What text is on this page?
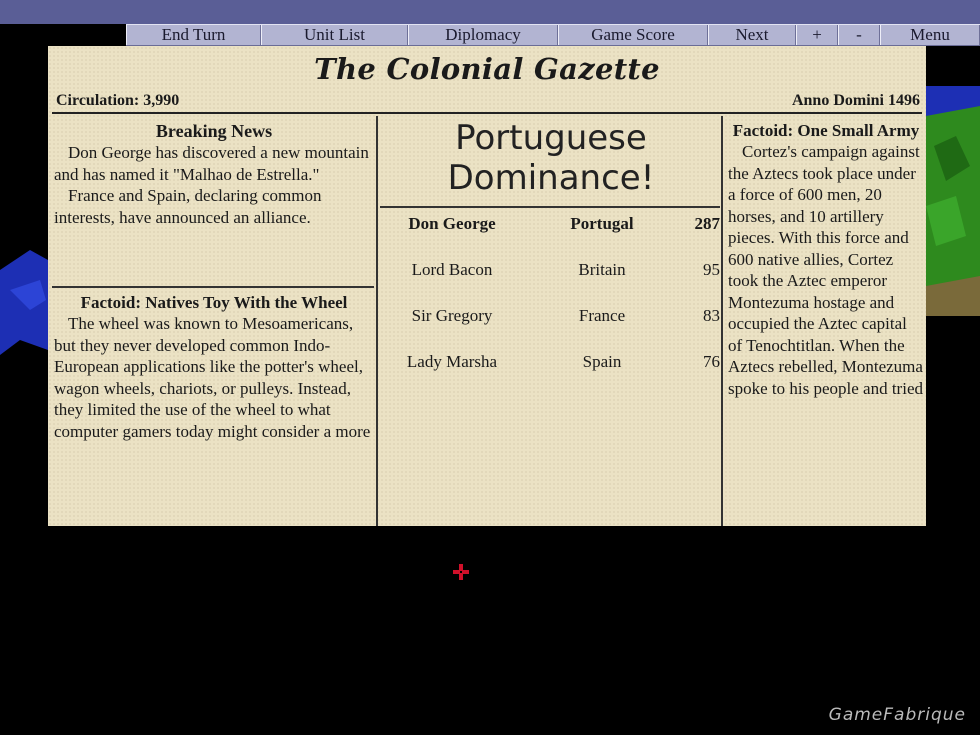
End Turn	Unit List	Diplomacy	Game Score	Next	+	-	Menu
The Colonial Gazette
Circulation: 3,990	Anno Domini 1496
Breaking News

Don George has discovered a new mountain and has named it "Malhao de Estrella."

France and Spain, declaring common interests, have announced an alliance.

Factoid: Natives Toy With the Wheel

The wheel was known to Mesoamericans, but they never developed common Indo-European applications like the potter's wheel, wagon wheels, chariots, or pulleys. Instead, they limited the use of the wheel to what computer gamers today might consider a more

Portuguese
Dominance!
Don George	Portugal	287
Lord Bacon	Britain	95
Sir Gregory	France	83
Lady Marsha	Spain	76
Factoid: One Small Army

Cortez's campaign against the Aztecs took place under a force of 600 men, 20 horses, and 10 artillery pieces. With this force and 600 native allies, Cortez took the Aztec emperor Montezuma hostage and occupied the Aztec capital of Tenochtitlan. When the Aztecs rebelled, Montezuma spoke to his people and tried

GameFabrique
